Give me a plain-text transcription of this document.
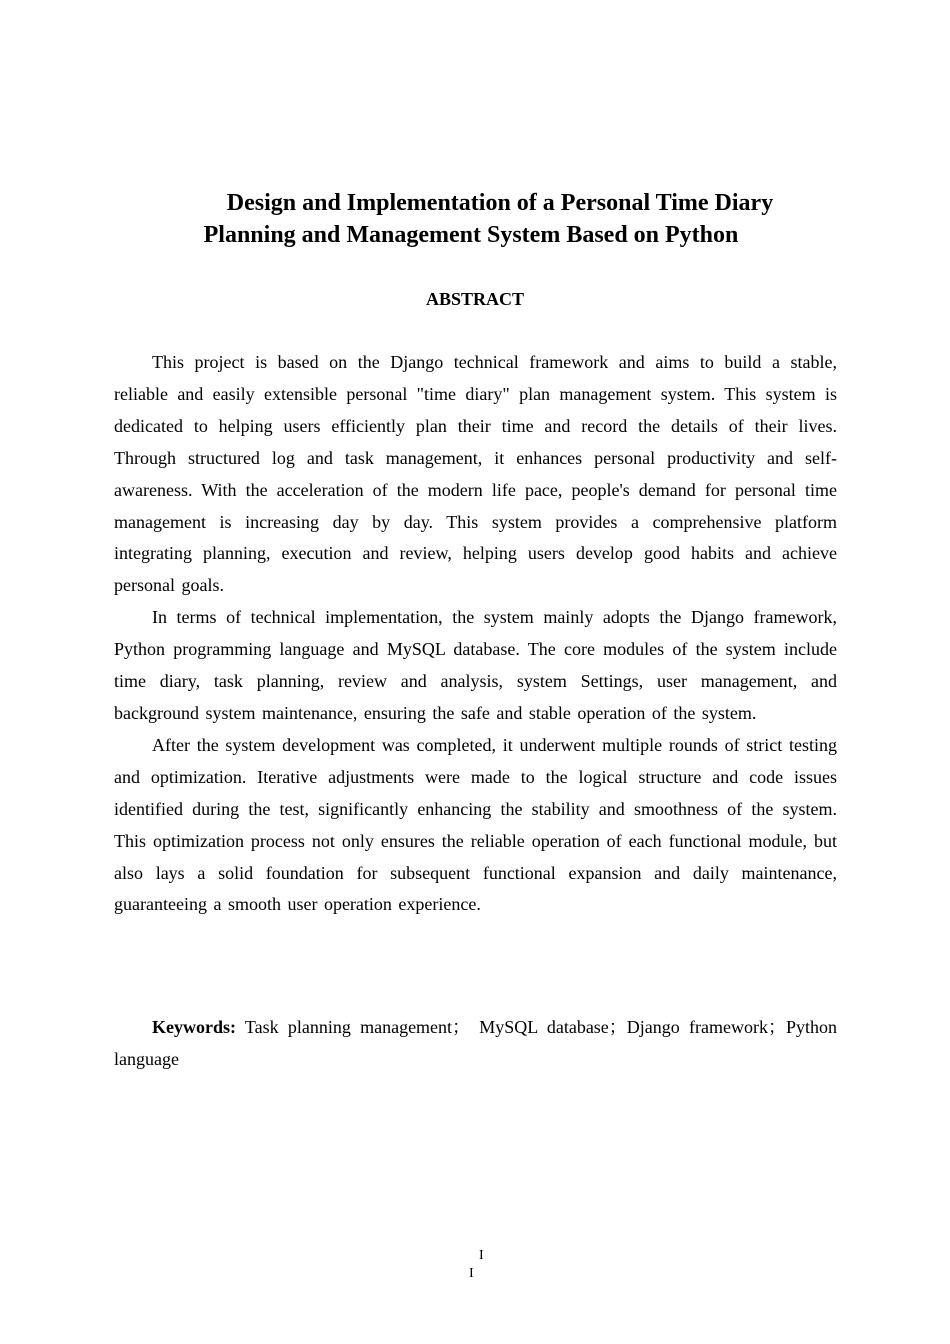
Design and Implementation of a Personal Time Diary
Planning and Management System Based on Python
ABSTRACT

This project is based on the Django technical framework and aims to build a stable, reliable and easily extensible personal "time diary" plan management system. This system is dedicated to helping users efficiently plan their time and record the details of their lives. Through structured log and task management, it enhances personal productivity and self-awareness. With the acceleration of the modern life pace, people's demand for personal time management is increasing day by day. This system provides a comprehensive platform integrating planning, execution and review, helping users develop good habits and achieve personal goals.

In terms of technical implementation, the system mainly adopts the Django framework, Python programming language and MySQL database. The core modules of the system include time diary, task planning, review and analysis, system Settings, user management, and background system maintenance, ensuring the safe and stable operation of the system.

After the system development was completed, it underwent multiple rounds of strict testing and optimization. Iterative adjustments were made to the logical structure and code issues identified during the test, significantly enhancing the stability and smoothness of the system. This optimization process not only ensures the reliable operation of each functional module, but also lays a solid foundation for subsequent functional expansion and daily maintenance, guaranteeing a smooth user operation experience.

Keywords: Task planning management； MySQL database；Django framework；Python language
I
I
